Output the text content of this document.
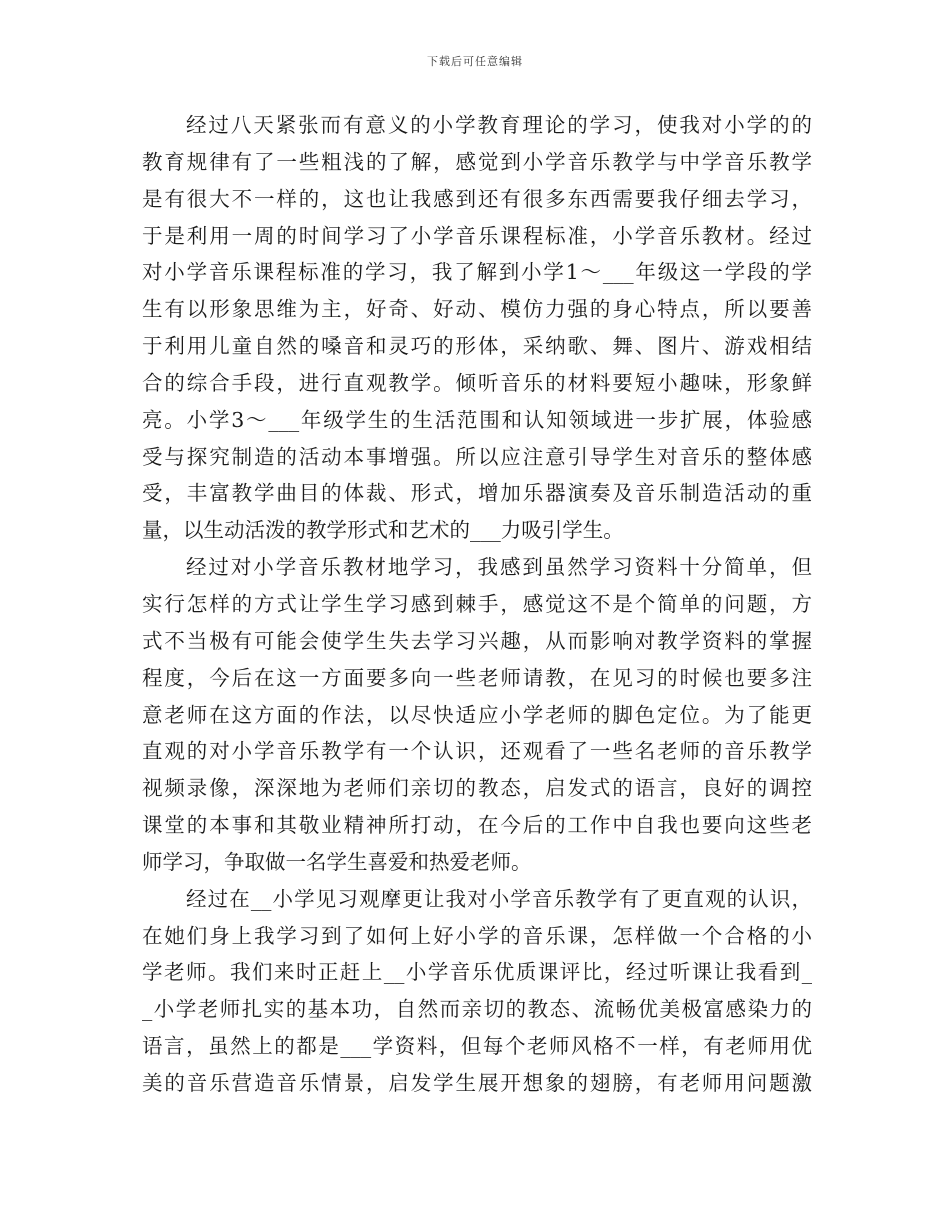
下载后可任意编辑
经过八天紧张而有意义的小学教育理论的学习，使我对小学的的
教育规律有了一些粗浅的了解，感觉到小学音乐教学与中学音乐教学
是有很大不一样的，这也让我感到还有很多东西需要我仔细去学习，
于是利用一周的时间学习了小学音乐课程标准，小学音乐教材。经过
对小学音乐课程标准的学习，我了解到小学1～___年级这一学段的学
生有以形象思维为主，好奇、好动、模仿力强的身心特点，所以要善
于利用儿童自然的嗓音和灵巧的形体，采纳歌、舞、图片、游戏相结
合的综合手段，进行直观教学。倾听音乐的材料要短小趣味，形象鲜
亮。小学3～___年级学生的生活范围和认知领域进一步扩展，体验感
受与探究制造的活动本事增强。所以应注意引导学生对音乐的整体感
受，丰富教学曲目的体裁、形式，增加乐器演奏及音乐制造活动的重
量，以生动活泼的教学形式和艺术的___力吸引学生。
经过对小学音乐教材地学习，我感到虽然学习资料十分简单，但
实行怎样的方式让学生学习感到棘手，感觉这不是个简单的问题，方
式不当极有可能会使学生失去学习兴趣，从而影响对教学资料的掌握
程度，今后在这一方面要多向一些老师请教，在见习的时候也要多注
意老师在这方面的作法，以尽快适应小学老师的脚色定位。为了能更
直观的对小学音乐教学有一个认识，还观看了一些名老师的音乐教学
视频录像，深深地为老师们亲切的教态，启发式的语言，良好的调控
课堂的本事和其敬业精神所打动，在今后的工作中自我也要向这些老
师学习，争取做一名学生喜爱和热爱老师。
经过在__小学见习观摩更让我对小学音乐教学有了更直观的认识，
在她们身上我学习到了如何上好小学的音乐课，怎样做一个合格的小
学老师。我们来时正赶上__小学音乐优质课评比，经过听课让我看到_
_小学老师扎实的基本功，自然而亲切的教态、流畅优美极富感染力的
语言，虽然上的都是___学资料，但每个老师风格不一样，有老师用优
美的音乐营造音乐情景，启发学生展开想象的翅膀，有老师用问题激
